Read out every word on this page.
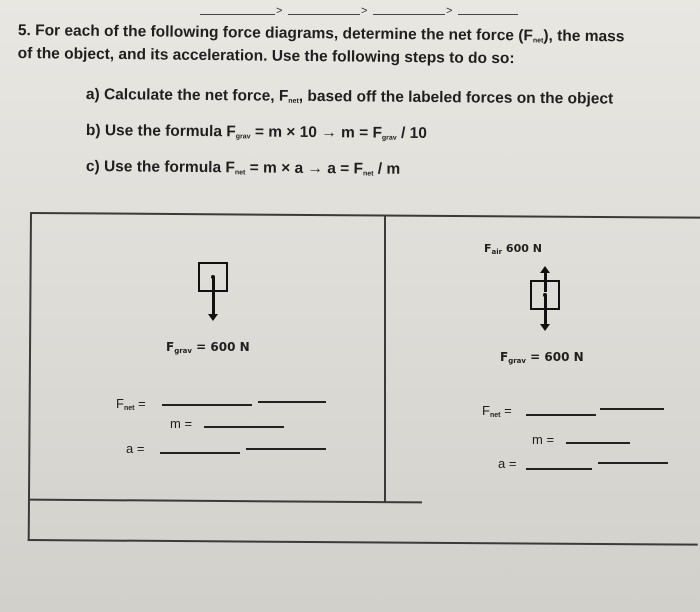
>	>	>
5. For each of the following force diagrams, determine the net force $(F_{net})$, the mass
of the object, and its acceleration. Use the following steps to do so:
a) Calculate the net force, $F_{net}$, based off the labeled forces on the object
b) Use the formula $F_{grav} = m \times 10 \to m = F_{grav} / 10$
c) Use the formula $F_{net} = m \times a \to a = F_{net} / m$
$F_{grav} = 600$ N
$F_{net}$ =
m =
a =
$F_{air}$ 600 N
$F_{grav} = 600$ N
$F_{net}$ =
m =
a =
